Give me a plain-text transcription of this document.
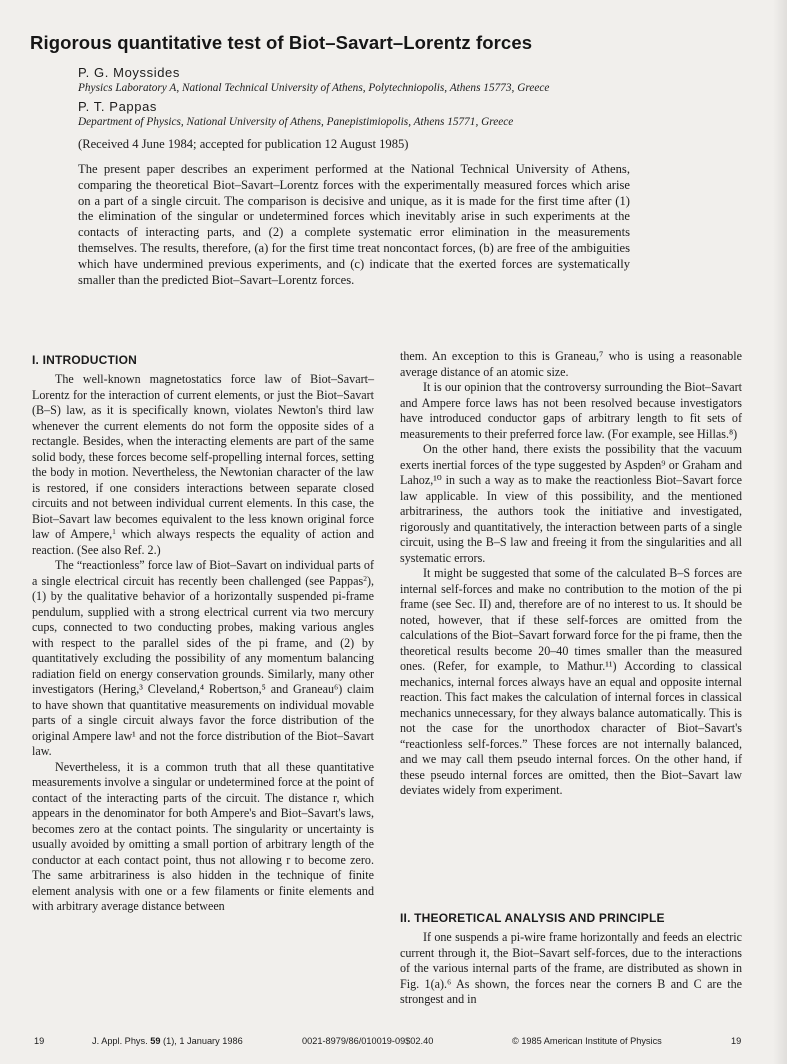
Rigorous quantitative test of Biot–Savart–Lorentz forces
P. G. Moyssides
Physics Laboratory A, National Technical University of Athens, Polytechniopolis, Athens 15773, Greece
P. T. Pappas
Department of Physics, National University of Athens, Panepistimiopolis, Athens 15771, Greece
(Received 4 June 1984; accepted for publication 12 August 1985)
The present paper describes an experiment performed at the National Technical University of Athens, comparing the theoretical Biot–Savart–Lorentz forces with the experimentally measured forces which arise on a part of a single circuit. The comparison is decisive and unique, as it is made for the first time after (1) the elimination of the singular or undetermined forces which inevitably arise in such experiments at the contacts of interacting parts, and (2) a complete systematic error elimination in the measurements themselves. The results, therefore, (a) for the first time treat noncontact forces, (b) are free of the ambiguities which have undermined previous experiments, and (c) indicate that the exerted forces are systematically smaller than the predicted Biot–Savart–Lorentz forces.
I. INTRODUCTION

The well-known magnetostatics force law of Biot–Savart–Lorentz for the interaction of current elements, or just the Biot–Savart (B–S) law, as it is specifically known, violates Newton's third law whenever the current elements do not form the opposite sides of a rectangle. Besides, when the interacting elements are part of the same solid body, these forces become self-propelling internal forces, setting the body in motion. Nevertheless, the Newtonian character of the law is restored, if one considers interactions between separate closed circuits and not between individual current elements. In this case, the Biot–Savart law becomes equivalent to the less known original force law of Ampere,$^1$ which always respects the equality of action and reaction. (See also Ref. 2.)

The “reactionless” force law of Biot–Savart on individual parts of a single electrical circuit has recently been challenged (see Pappas$^2$), (1) by the qualitative behavior of a horizontally suspended pi-frame pendulum, supplied with a strong electrical current via two mercury cups, connected to two conducting probes, making various angles with respect to the parallel sides of the pi frame, and (2) by quantitatively excluding the possibility of any momentum balancing radiation field on energy conservation grounds. Similarly, many other investigators (Hering,³ Cleveland,⁴ Robertson,⁵ and Graneau⁶) claim to have shown that quantitative measurements on individual movable parts of a single circuit always favor the force distribution of the original Ampere law¹ and not the force distribution of the Biot–Savart law.

Nevertheless, it is a common truth that all these quantitative measurements involve a singular or undetermined force at the point of contact of the interacting parts of the circuit. The distance r, which appears in the denominator for both Ampere's and Biot–Savart's laws, becomes zero at the contact points. The singularity or uncertainty is usually avoided by omitting a small portion of arbitrary length of the conductor at each contact point, thus not allowing r to become zero. The same arbitrariness is also hidden in the technique of finite element analysis with one or a few filaments or finite elements and with arbitrary average distance between

them. An exception to this is Graneau,⁷ who is using a reasonable average distance of an atomic size.

It is our opinion that the controversy surrounding the Biot–Savart and Ampere force laws has not been resolved because investigators have introduced conductor gaps of arbitrary length to fit sets of measurements to their preferred force law. (For example, see Hillas.⁸)

On the other hand, there exists the possibility that the vacuum exerts inertial forces of the type suggested by Aspden⁹ or Graham and Lahoz,¹⁰ in such a way as to make the reactionless Biot–Savart force law applicable. In view of this possibility, and the mentioned arbitrariness, the authors took the initiative and investigated, rigorously and quantitatively, the interaction between parts of a single circuit, using the B–S law and freeing it from the singularities and all systematic errors.

It might be suggested that some of the calculated B–S forces are internal self-forces and make no contribution to the motion of the pi frame (see Sec. II) and, therefore are of no interest to us. It should be noted, however, that if these self-forces are omitted from the calculations of the Biot–Savart forward force for the pi frame, then the theoretical results become 20–40 times smaller than the measured ones. (Refer, for example, to Mathur.¹¹) According to classical mechanics, internal forces always have an equal and opposite internal reaction. This fact makes the calculation of internal forces in classical mechanics unnecessary, for they always balance automatically. This is not the case for the unorthodox character of Biot–Savart's “reactionless self-forces.” These forces are not internally balanced, and we may call them pseudo internal forces. On the other hand, if these pseudo internal forces are omitted, then the Biot–Savart law deviates widely from experiment.

II. THEORETICAL ANALYSIS AND PRINCIPLE

If one suspends a pi-wire frame horizontally and feeds an electric current through it, the Biot–Savart self-forces, due to the interactions of the various internal parts of the frame, are distributed as shown in Fig. 1(a).⁶ As shown, the forces near the corners B and C are the strongest and in

19	J. Appl. Phys. 59 (1), 1 January 1986	0021-8979/86/010019-09$02.40	© 1985 American Institute of Physics	19
